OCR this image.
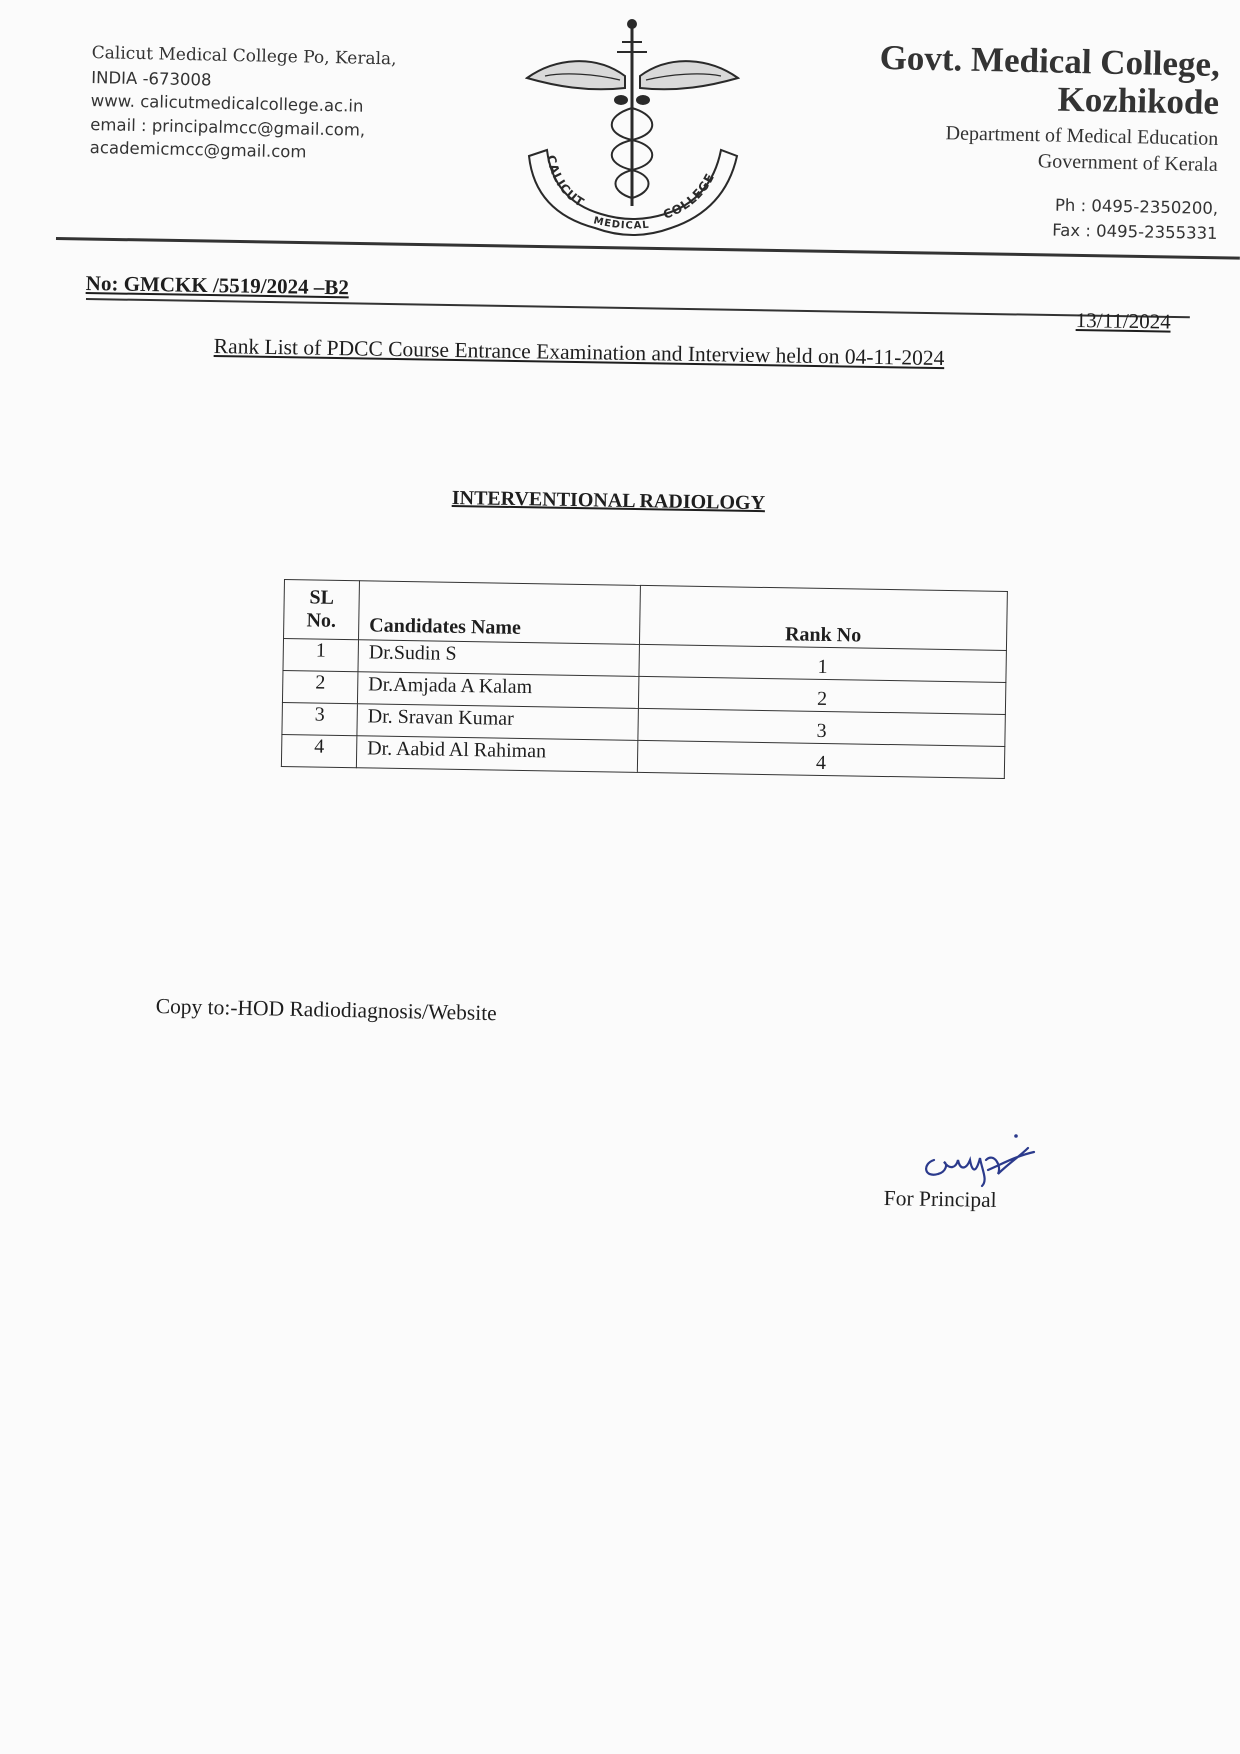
Calicut Medical College Po, Kerala,
INDIA -673008
www. calicutmedicalcollege.ac.in
email : principalmcc@gmail.com,
academicmcc@gmail.com	CALICUT
MEDICAL
COLLEGE
Govt. Medical College,
Kozhikode
Department of Medical Education
Government of Kerala
Ph : 0495-2350200,
Fax : 0495-2355331
No: GMCKK /5519/2024 –B2
13/11/2024
Rank List of PDCC Course Entrance Examination and Interview held on 04-11-2024
INTERVENTIONAL RADIOLOGY
SL
No.	Candidates Name	Rank No
1	Dr.Sudin S	1
2	Dr.Amjada A Kalam	2
3	Dr. Sravan Kumar	3
4	Dr. Aabid Al Rahiman	4
Copy to:-HOD Radiodiagnosis/Website
For Principal
